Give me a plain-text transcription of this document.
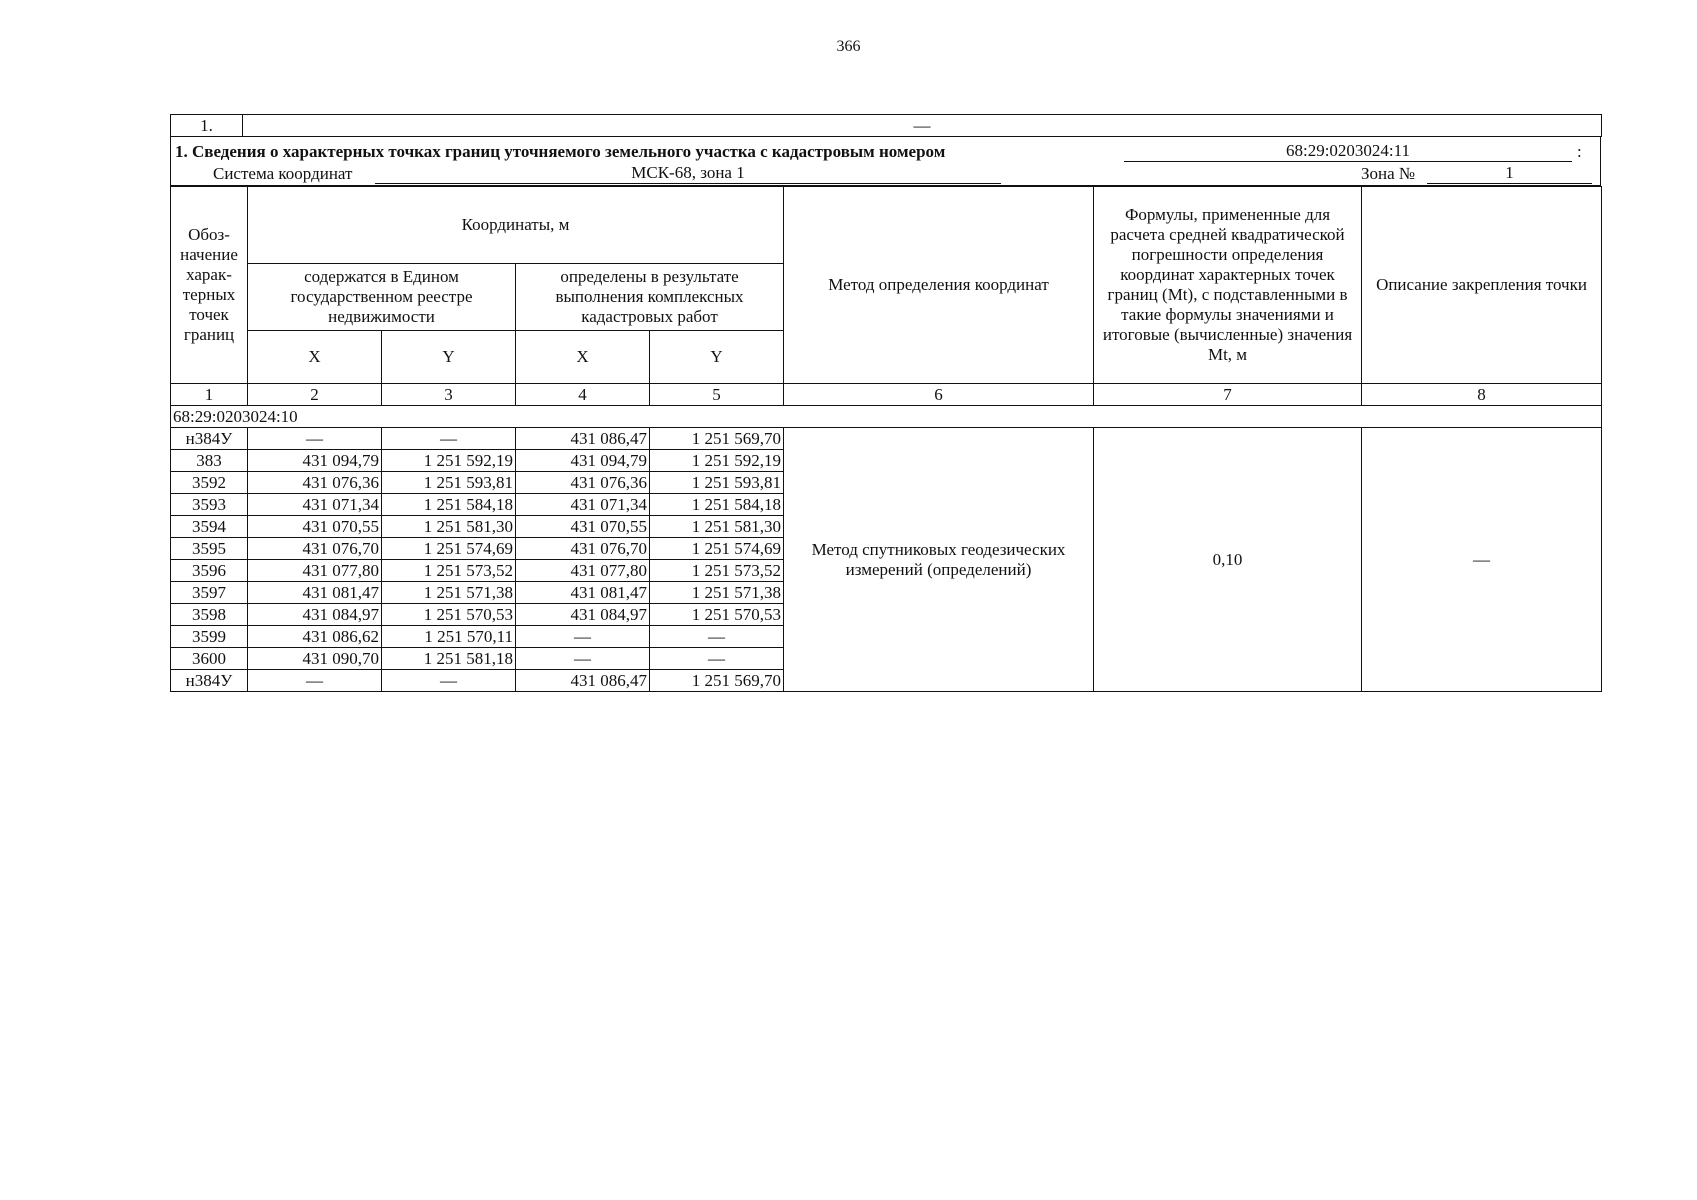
366
1.	—
1. Сведения о характерных точках границ уточняемого земельного участка с кадастровым номером	68:29:0203024:11	:
Система координат	МСК-68, зона 1	Зона №	1
Обоз-начение харак-терных точек границ	Координаты, м				Метод определения координат	Формулы, примененные для расчета средней квадратической погрешности определения координат характерных точек границ (Mt), с подставленными в такие формулы значениями и итоговые (вычисленные) значения Mt, м	Описание закрепления точки
	содержатся в Едином государственном реестре недвижимости		определены в результате выполнения комплексных кадастровых работ				
	X	Y	X	Y			
1	2	3	4	5	6	7	8
68:29:0203024:10							
н384У	—	—	431 086,47	1 251 569,70	Метод спутниковых геодезических измерений (определений)	0,10	—
383	431 094,79	1 251 592,19	431 094,79	1 251 592,19			
3592	431 076,36	1 251 593,81	431 076,36	1 251 593,81			
3593	431 071,34	1 251 584,18	431 071,34	1 251 584,18			
3594	431 070,55	1 251 581,30	431 070,55	1 251 581,30			
3595	431 076,70	1 251 574,69	431 076,70	1 251 574,69			
3596	431 077,80	1 251 573,52	431 077,80	1 251 573,52			
3597	431 081,47	1 251 571,38	431 081,47	1 251 571,38			
3598	431 084,97	1 251 570,53	431 084,97	1 251 570,53			
3599	431 086,62	1 251 570,11	—	—			
3600	431 090,70	1 251 581,18	—	—			
н384У	—	—	431 086,47	1 251 569,70			
